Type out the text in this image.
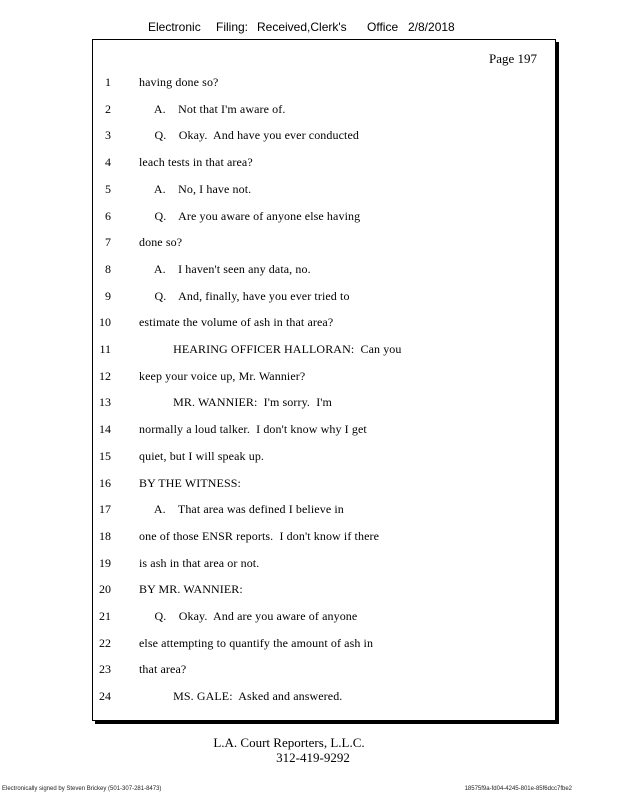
Electronic Filing: Received,Clerk's Office 2/8/2018
Page 197
1 having done so?
2 A.    Not that I'm aware of.
3 Q.    Okay.  And have you ever conducted
4 leach tests in that area?
5 A.    No, I have not.
6 Q.    Are you aware of anyone else having
7 done so?
8 A.    I haven't seen any data, no.
9 Q.    And, finally, have you ever tried to
10 estimate the volume of ash in that area?
11 HEARING OFFICER HALLORAN:  Can you
12 keep your voice up, Mr. Wannier?
13 MR. WANNIER:  I'm sorry.  I'm
14 normally a loud talker.  I don't know why I get
15 quiet, but I will speak up.
16 BY THE WITNESS:
17 A.    That area was defined I believe in
18 one of those ENSR reports.  I don't know if there
19 is ash in that area or not.
20 BY MR. WANNIER:
21 Q.    Okay.  And are you aware of anyone
22 else attempting to quantify the amount of ash in
23 that area?
24 MS. GALE:  Asked and answered.
L.A. Court Reporters, L.L.C.
312-419-9292
Electronically signed by Steven Brickey (501-307-281-8473)	18575f9a-fd04-4245-801e-85f6dcc7fbe2
